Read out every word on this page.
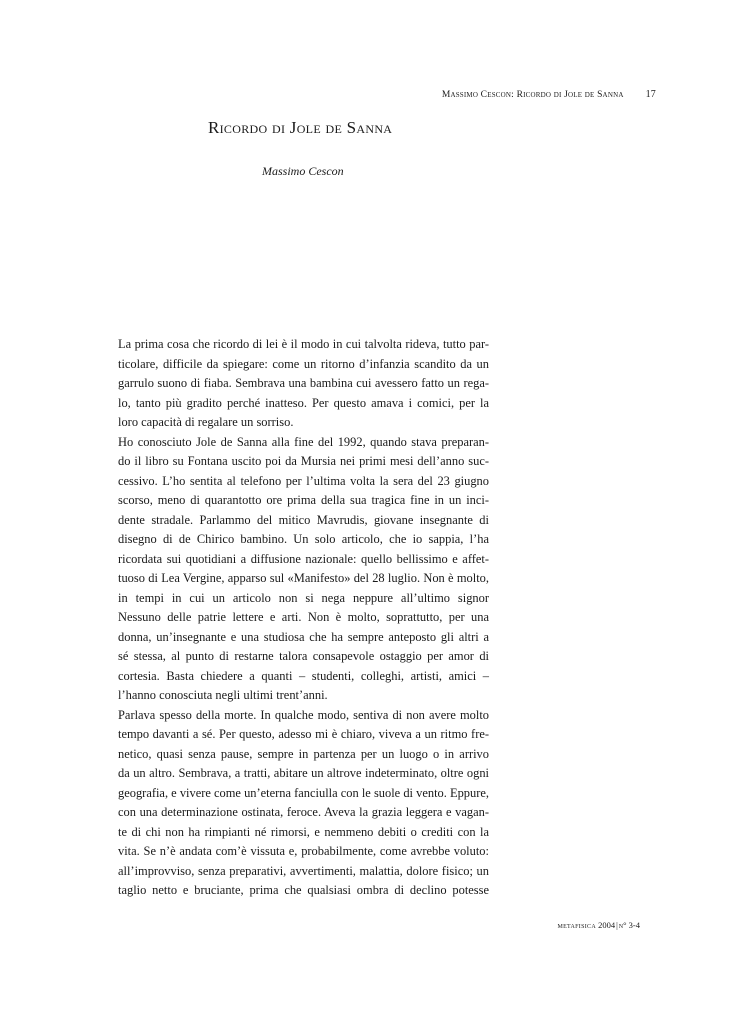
Massimo Cescon: Ricordo di Jole de Sanna 17
Ricordo di Jole de Sanna
Massimo Cescon
La prima cosa che ricordo di lei è il modo in cui talvolta rideva, tutto par-
ticolare, difficile da spiegare: come un ritorno d’infanzia scandito da un
garrulo suono di fiaba. Sembrava una bambina cui avessero fatto un rega-
lo, tanto più gradito perché inatteso. Per questo amava i comici, per la
loro capacità di regalare un sorriso.
Ho conosciuto Jole de Sanna alla fine del 1992, quando stava preparan-
do il libro su Fontana uscito poi da Mursia nei primi mesi dell’anno suc-
cessivo. L’ho sentita al telefono per l’ultima volta la sera del 23 giugno
scorso, meno di quarantotto ore prima della sua tragica fine in un inci-
dente stradale. Parlammo del mitico Mavrudis, giovane insegnante di
disegno di de Chirico bambino. Un solo articolo, che io sappia, l’ha
ricordata sui quotidiani a diffusione nazionale: quello bellissimo e affet-
tuoso di Lea Vergine, apparso sul «Manifesto» del 28 luglio. Non è molto,
in tempi in cui un articolo non si nega neppure all’ultimo signor
Nessuno delle patrie lettere e arti. Non è molto, soprattutto, per una
donna, un’insegnante e una studiosa che ha sempre anteposto gli altri a
sé stessa, al punto di restarne talora consapevole ostaggio per amor di
cortesia. Basta chiedere a quanti – studenti, colleghi, artisti, amici –
l’hanno conosciuta negli ultimi trent’anni.
Parlava spesso della morte. In qualche modo, sentiva di non avere molto
tempo davanti a sé. Per questo, adesso mi è chiaro, viveva a un ritmo fre-
netico, quasi senza pause, sempre in partenza per un luogo o in arrivo
da un altro. Sembrava, a tratti, abitare un altrove indeterminato, oltre ogni
geografia, e vivere come un’eterna fanciulla con le suole di vento. Eppure,
con una determinazione ostinata, feroce. Aveva la grazia leggera e vagan-
te di chi non ha rimpianti né rimorsi, e nemmeno debiti o crediti con la
vita. Se n’è andata com’è vissuta e, probabilmente, come avrebbe voluto:
all’improvviso, senza preparativi, avvertimenti, malattia, dolore fisico; un
taglio netto e bruciante, prima che qualsiasi ombra di declino potesse
metafisica 2004|n° 3-4
